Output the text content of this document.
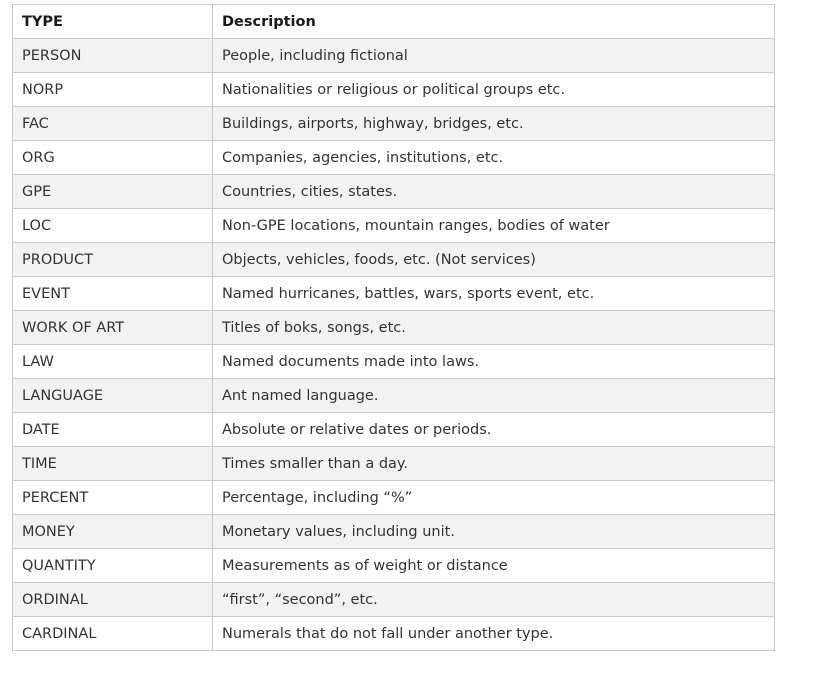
TYPE	Description
PERSON	People, including fictional
NORP	Nationalities or religious or political groups etc.
FAC	Buildings, airports, highway, bridges, etc.
ORG	Companies, agencies, institutions, etc.
GPE	Countries, cities, states.
LOC	Non-GPE locations, mountain ranges, bodies of water
PRODUCT	Objects, vehicles, foods, etc. (Not services)
EVENT	Named hurricanes, battles, wars, sports event, etc.
WORK OF ART	Titles of boks, songs, etc.
LAW	Named documents made into laws.
LANGUAGE	Ant named language.
DATE	Absolute or relative dates or periods.
TIME	Times smaller than a day.
PERCENT	Percentage, including “%”
MONEY	Monetary values, including unit.
QUANTITY	Measurements as of weight or distance
ORDINAL	“first”, “second”, etc.
CARDINAL	Numerals that do not fall under another type.
